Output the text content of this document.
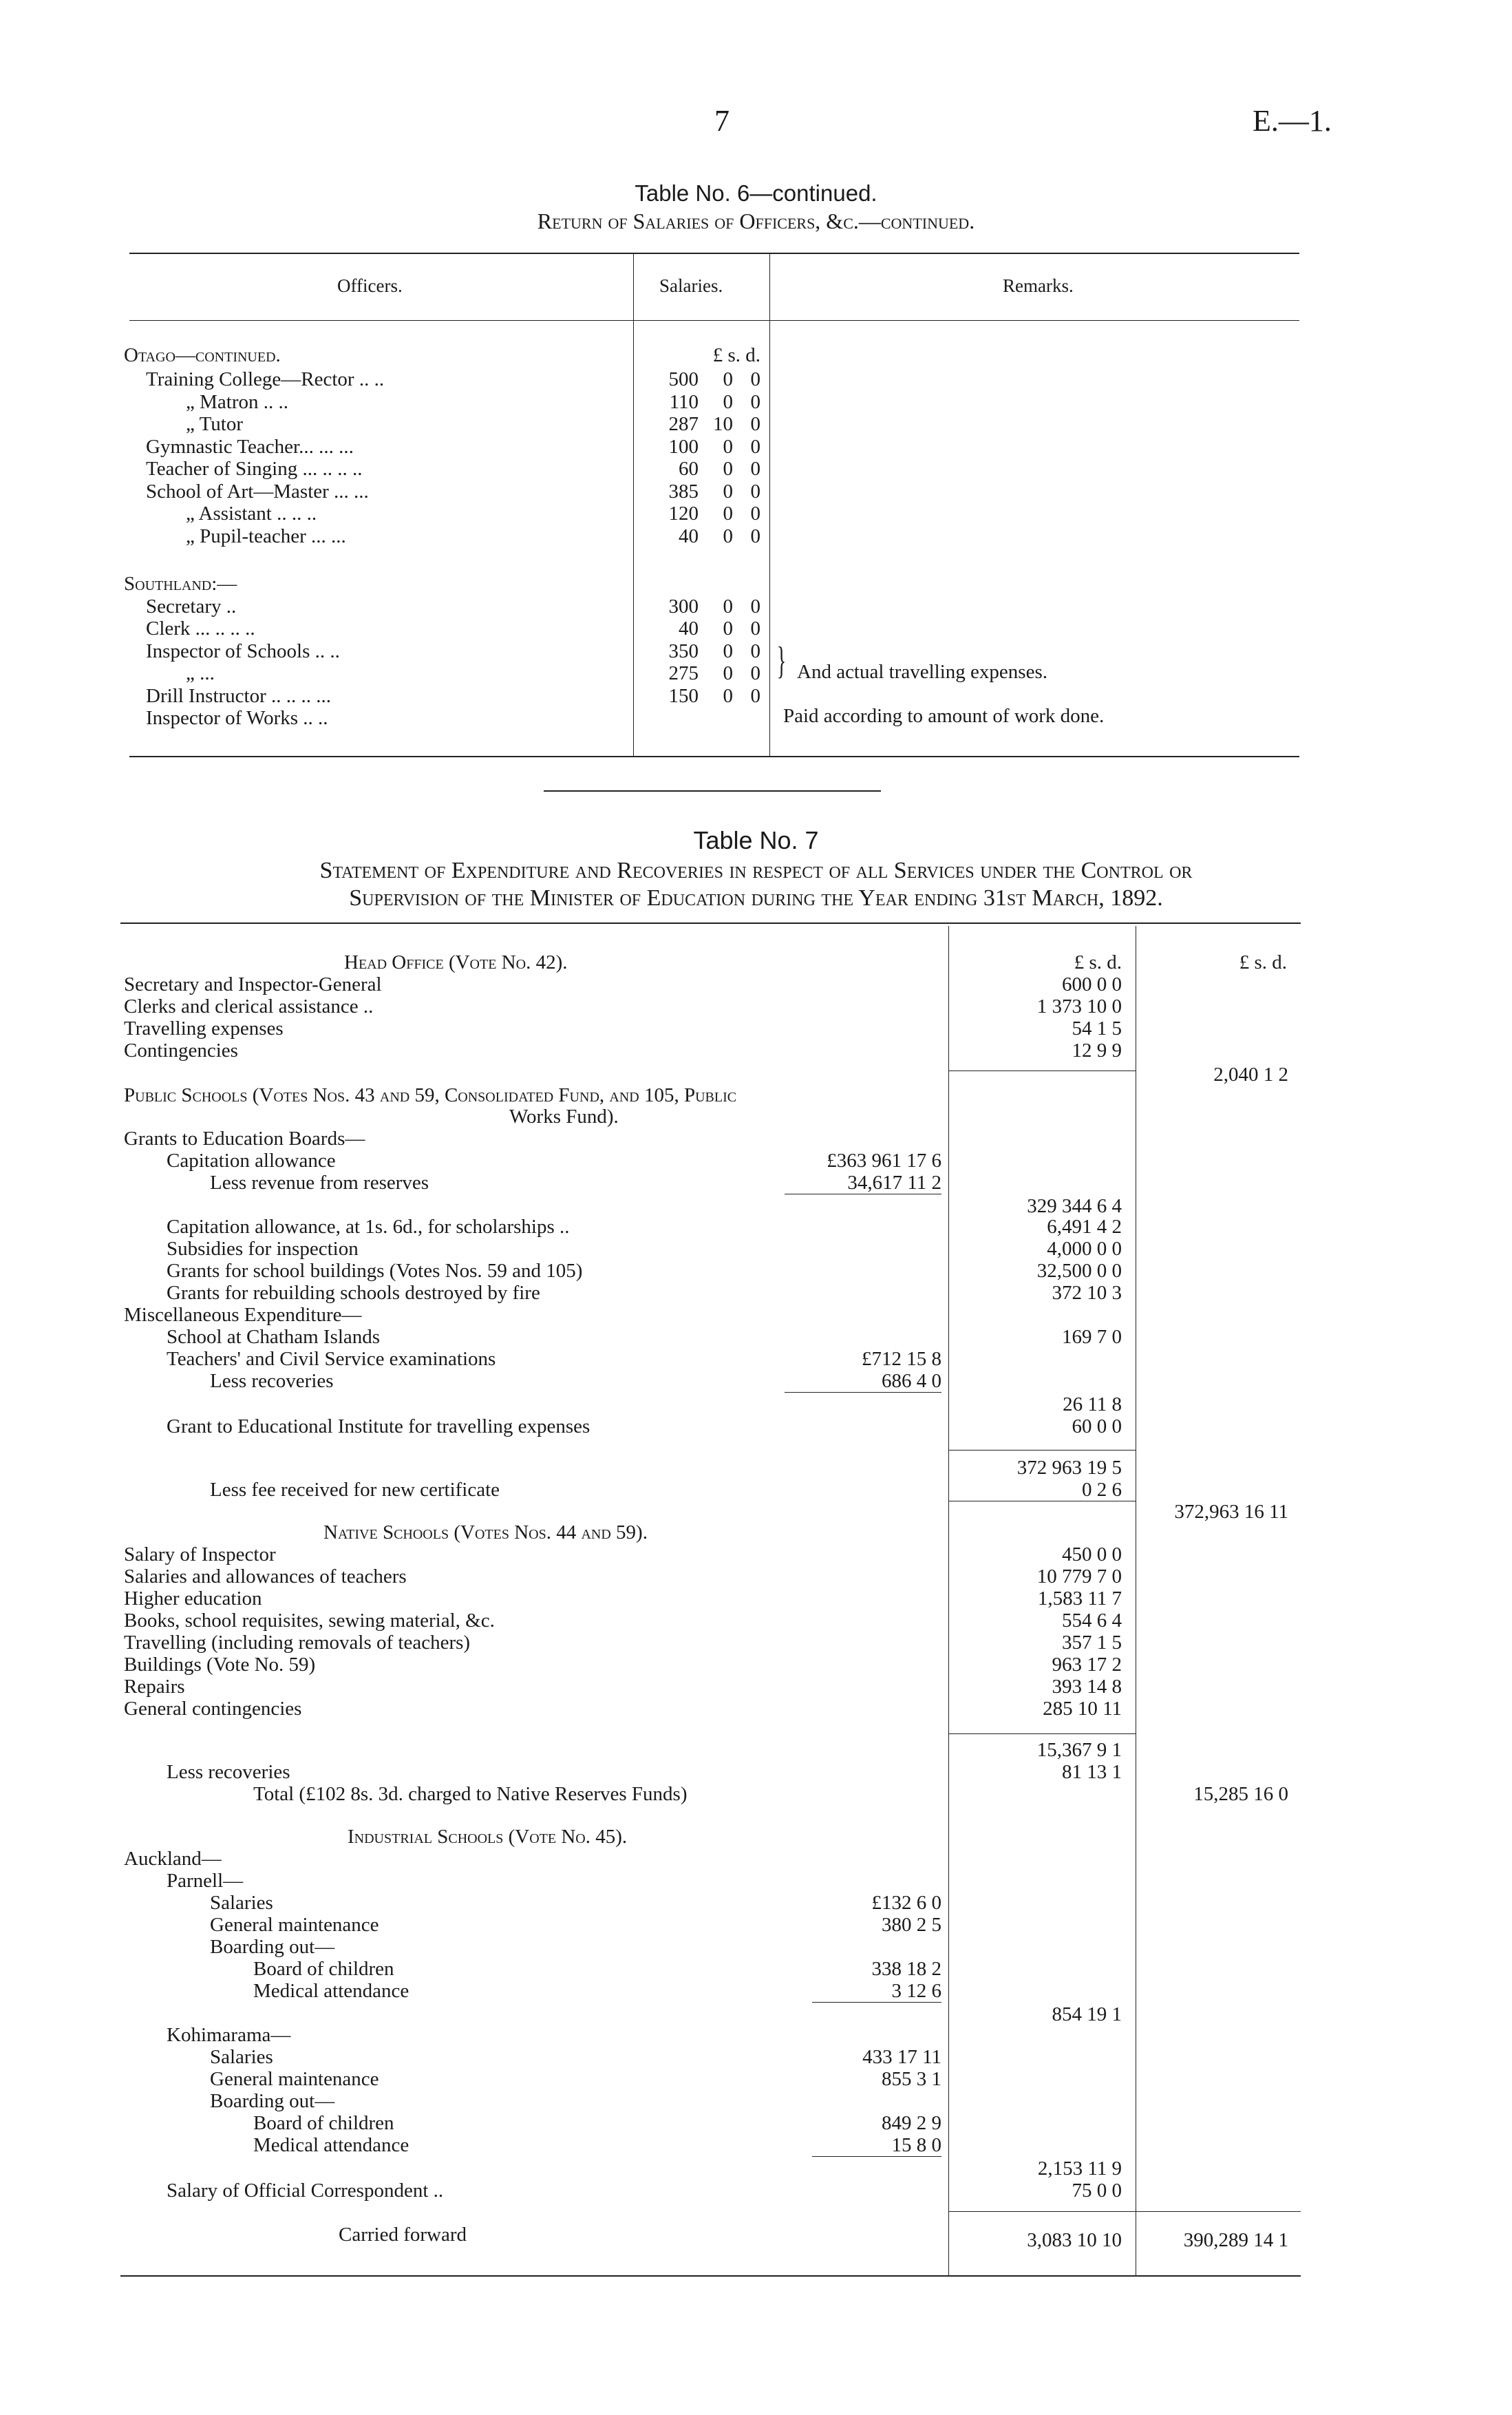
7	E.—1.
Table No. 6—continued.
Return of Salaries of Officers, &c.—continued.
Officers.	Salaries.	Remarks.
£ s. d.
Otago—continued.
Training College—Rector .. ..	500	0 0
„ Matron .. ..	110	0 0
„ Tutor	287 10 0
Gymnastic Teacher... ... ...	100	0 0
Teacher of Singing ... .. .. ..	60	0 0
School of Art—Master ... ...	385	0 0
„ Assistant .. .. ..	120	0 0
„ Pupil-teacher ... ...	40	0 0
Southland:—
Secretary ..	300	0 0
Clerk ... .. .. ..	40	0 0
Inspector of Schools .. ..	350	0 0
„ ...	275	0 0
Drill Instructor .. .. .. ...	150	0 0
Inspector of Works .. ..
} And actual travelling expenses.
Paid according to amount of work done.
Table No. 7
Statement of Expenditure and Recoveries in respect of all Services under the Control or
Supervision of the Minister of Education during the Year ending 31st March, 1892.
£ s. d.	£ s. d.
Head Office (Vote No. 42).
Secretary and Inspector-General	600 0 0
Clerks and clerical assistance ..	1 373 10 0
Travelling expenses	54 1 5
Contingencies	12 9 9
2,040 1 2
Public Schools (Votes Nos. 43 and 59, Consolidated Fund, and 105, Public
Works Fund).
Grants to Education Boards—
Capitation allowance	£363 961 17 6
Less revenue from reserves	34,617 11 2
329 344 6 4
Capitation allowance, at 1s. 6d., for scholarships ..	6,491 4 2
Subsidies for inspection	4,000 0 0
Grants for school buildings (Votes Nos. 59 and 105)	32,500 0 0
Grants for rebuilding schools destroyed by fire	372 10 3
Miscellaneous Expenditure—
School at Chatham Islands	169 7 0
Teachers' and Civil Service examinations	£712 15 8
Less recoveries	686 4 0
26 11 8
Grant to Educational Institute for travelling expenses	60 0 0
372 963 19 5
Less fee received for new certificate	0 2 6
372,963 16 11
Native Schools (Votes Nos. 44 and 59).
Salary of Inspector	450 0 0
Salaries and allowances of teachers	10 779 7 0
Higher education	1,583 11 7
Books, school requisites, sewing material, &c.	554 6 4
Travelling (including removals of teachers)	357 1 5
Buildings (Vote No. 59)	963 17 2
Repairs	393 14 8
General contingencies	285 10 11
15,367 9 1
Less recoveries	81 13 1
Total (£102 8s. 3d. charged to Native Reserves Funds)	15,285 16 0
Industrial Schools (Vote No. 45).
Auckland—
Parnell—
Salaries	£132 6 0
General maintenance	380 2 5
Boarding out—
Board of children	338 18 2
Medical attendance	3 12 6
854 19 1
Kohimarama—
Salaries	433 17 11
General maintenance	855 3 1
Boarding out—
Board of children	849 2 9
Medical attendance	15 8 0
2,153 11 9
Salary of Official Correspondent ..	75 0 0
Carried forward	3,083 10 10	390,289 14 1
